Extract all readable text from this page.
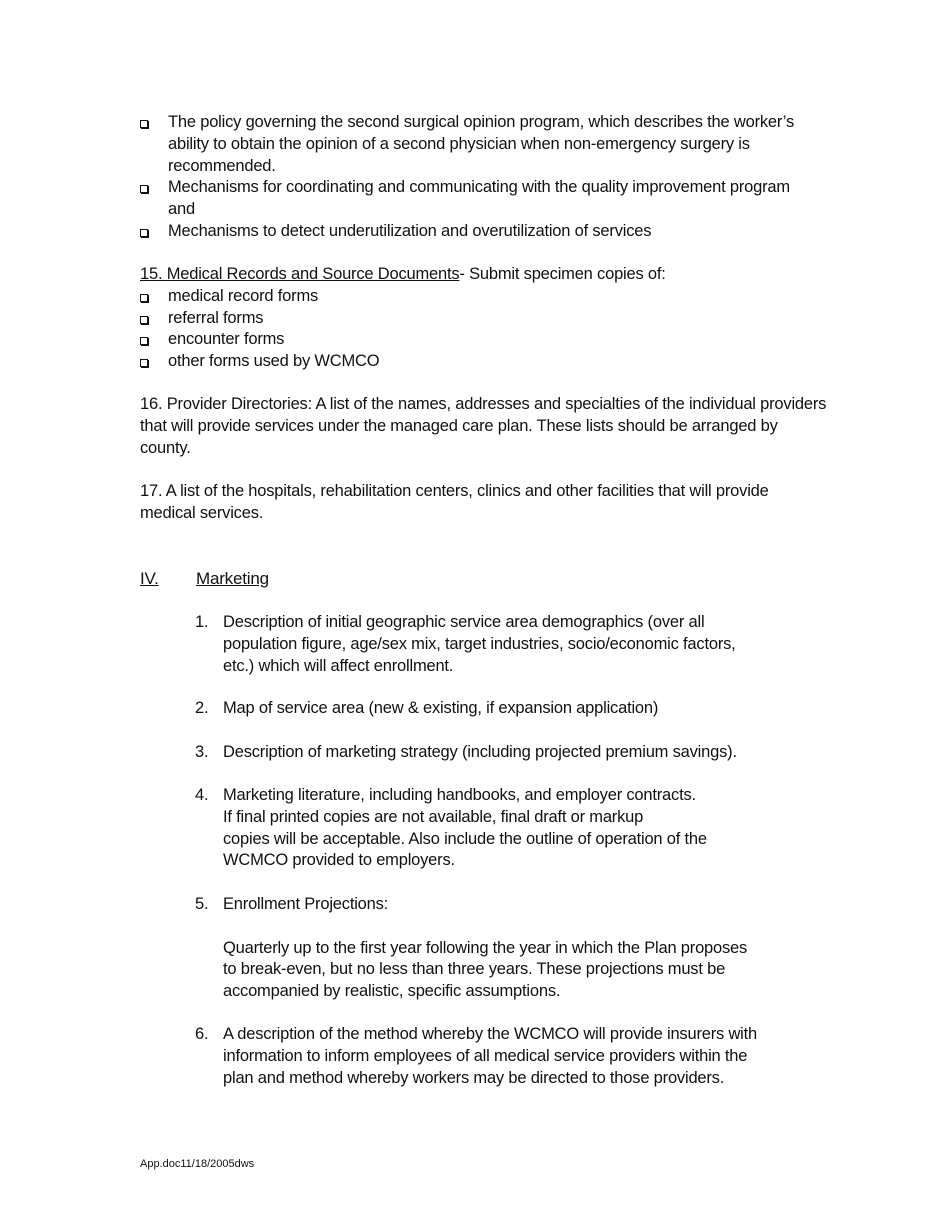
The policy governing the second surgical opinion program, which describes the worker’s ability to obtain the opinion of a second physician when non-emergency surgery is recommended.
Mechanisms for coordinating and communicating with the quality improvement program and
Mechanisms to detect underutilization and overutilization of services
15. Medical Records and Source Documents- Submit specimen copies of:
medical record forms
referral forms
encounter forms
other forms used by WCMCO
16. Provider Directories: A list of the names, addresses and specialties of the individual providers that will provide services under the managed care plan. These lists should be arranged by county.
17. A list of the hospitals, rehabilitation centers, clinics and other facilities that will provide medical services.
IV. Marketing
1. Description of initial geographic service area demographics (over all
population figure, age/sex mix, target industries, socio/economic factors,
etc.) which will affect enrollment.
2. Map of service area (new & existing, if expansion application)
3. Description of marketing strategy (including projected premium savings).
4. Marketing literature, including handbooks, and employer contracts.
If final printed copies are not available, final draft or markup
copies will be acceptable. Also include the outline of operation of the
WCMCO provided to employers.
5. Enrollment Projections:
Quarterly up to the first year following the year in which the Plan proposes
to break-even, but no less than three years. These projections must be
accompanied by realistic, specific assumptions.
6. A description of the method whereby the WCMCO will provide insurers with
information to inform employees of all medical service providers within the
plan and method whereby workers may be directed to those providers.
App.doc11/18/2005dws
